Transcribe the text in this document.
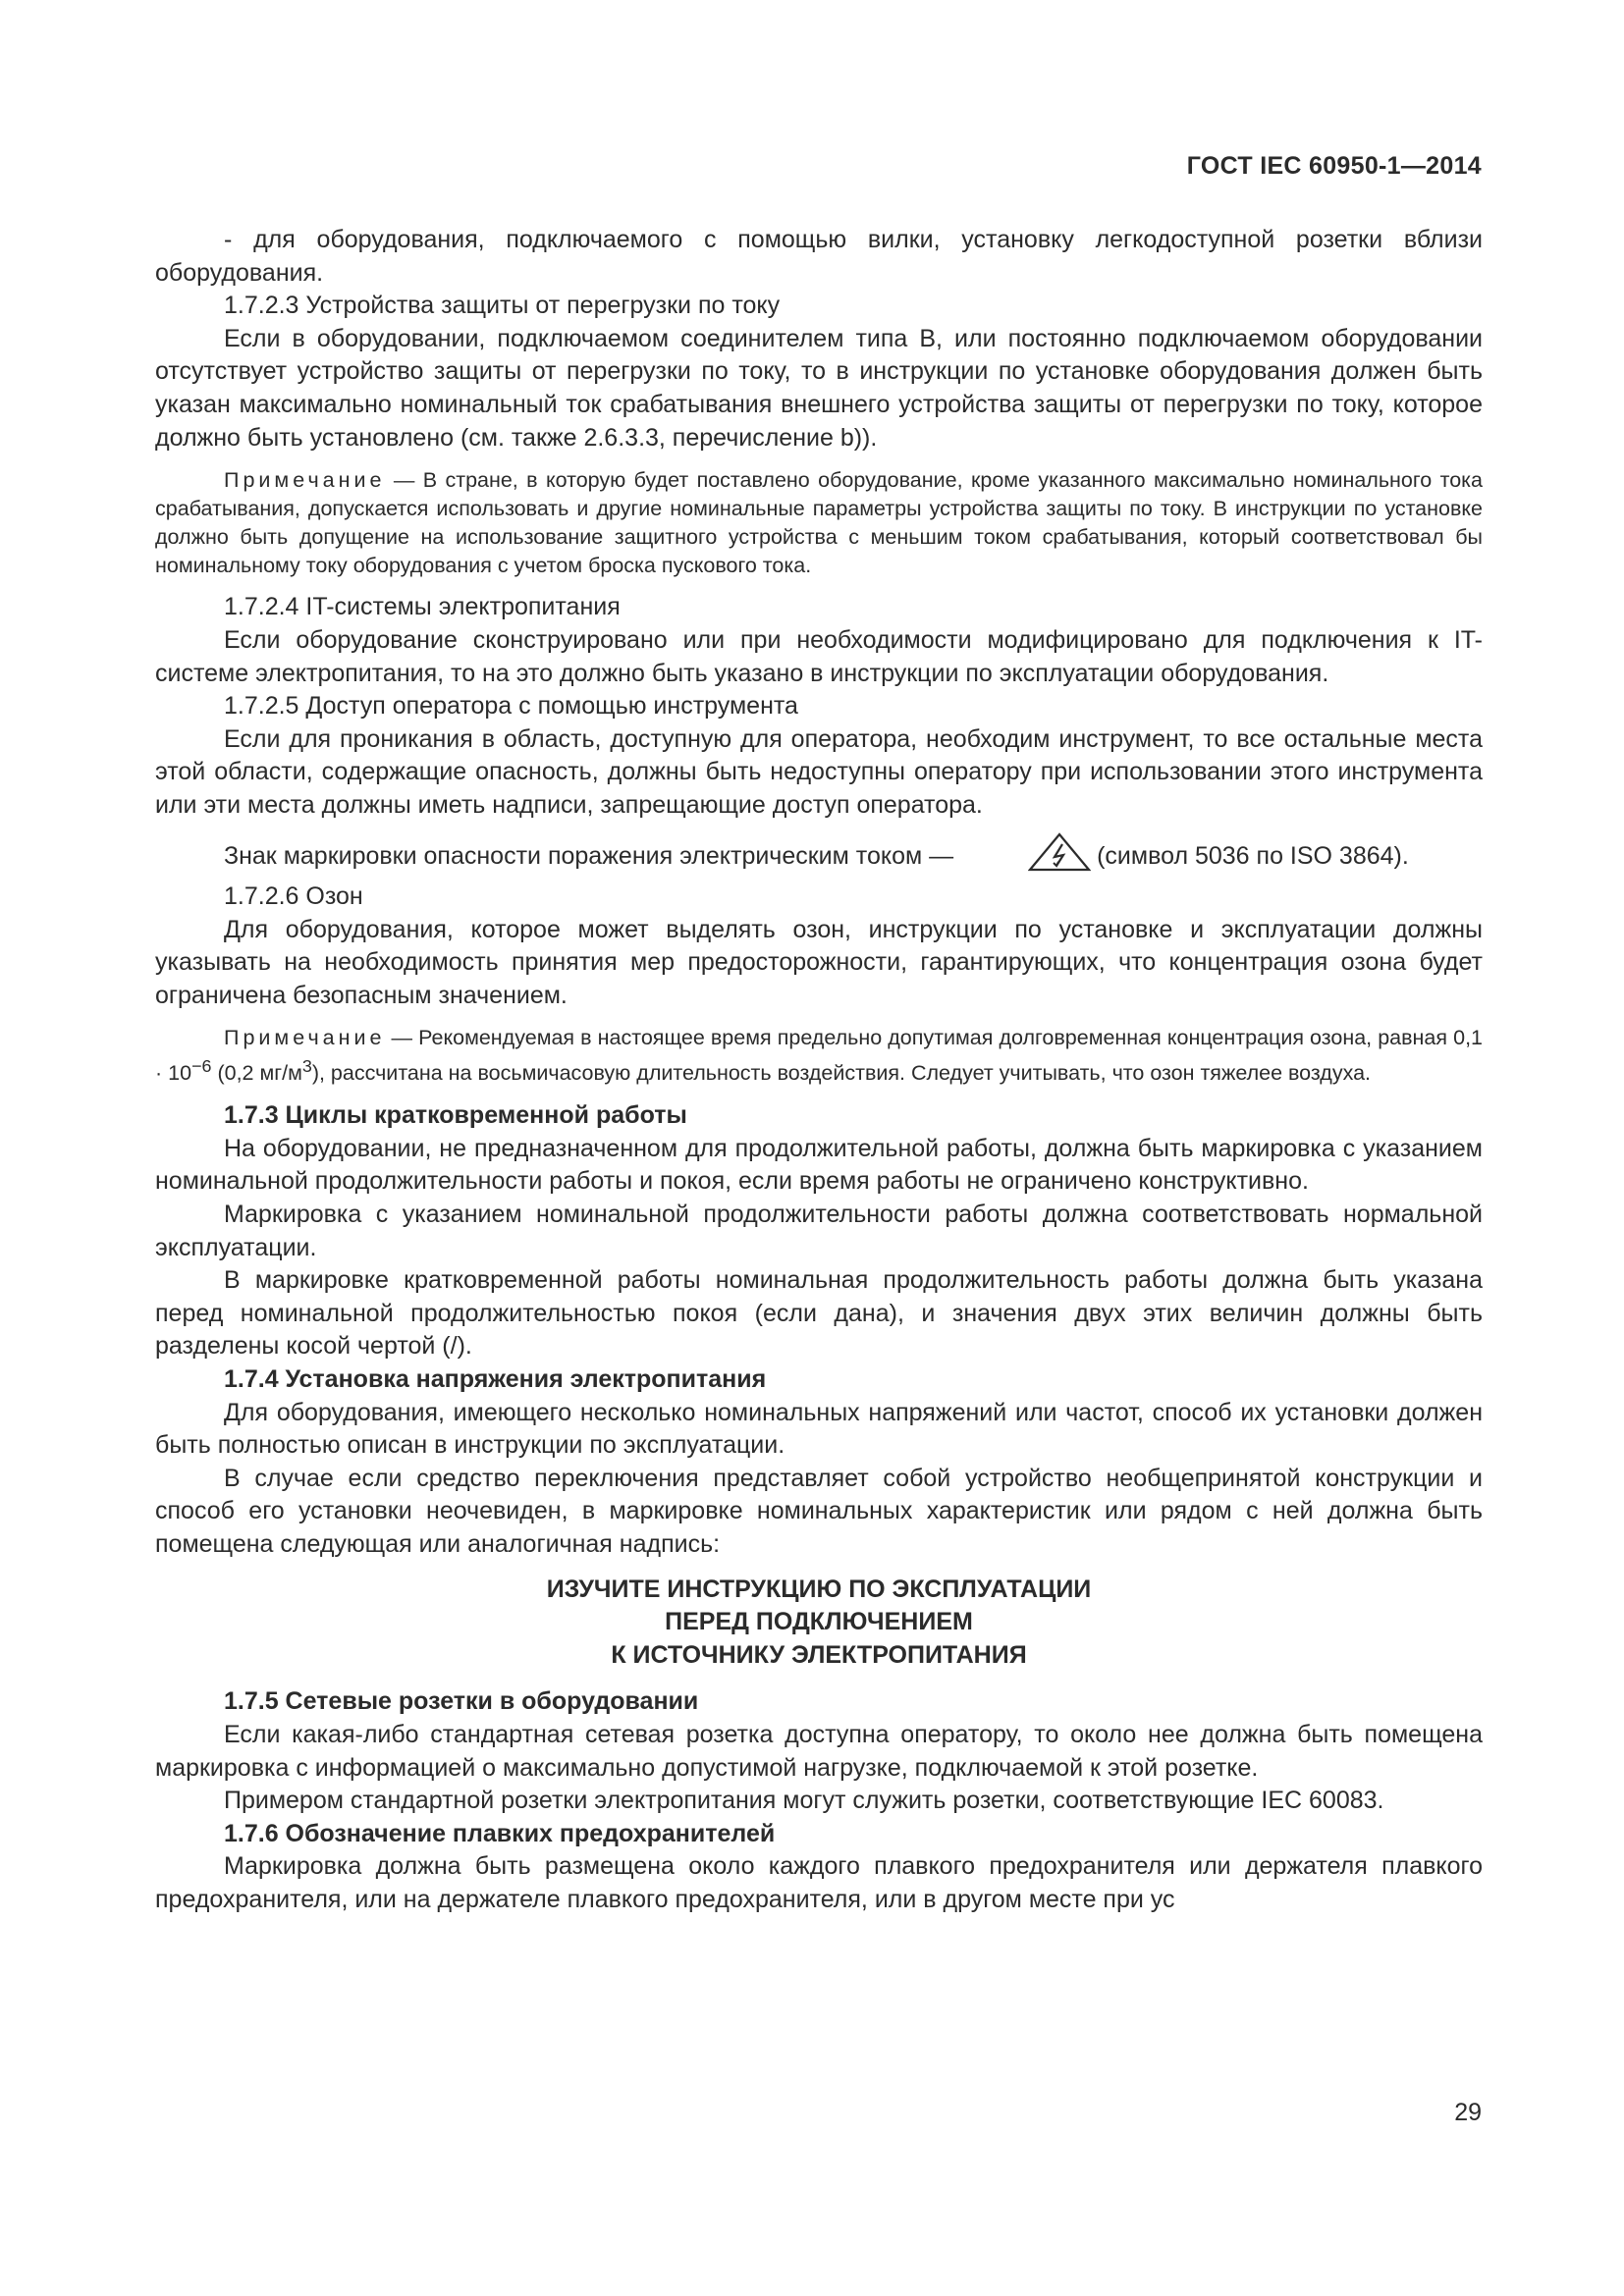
ГОСТ IEC 60950-1—2014

- для оборудования, подключаемого с помощью вилки, установку легкодоступной розетки вблизи оборудования.

1.7.2.3 Устройства защиты от перегрузки по току

Если в оборудовании, подключаемом соединителем типа В, или постоянно подключаемом оборудовании отсутствует устройство защиты от перегрузки по току, то в инструкции по установке оборудования должен быть указан максимально номинальный ток срабатывания внешнего устройства защиты от перегрузки по току, которое должно быть установлено (см. также 2.6.3.3, перечисление b)).

Примечание — В стране, в которую будет поставлено оборудование, кроме указанного максимально номинального тока срабатывания, допускается использовать и другие номинальные параметры устройства защиты по току. В инструкции по установке должно быть допущение на использование защитного устройства с меньшим током срабатывания, который соответствовал бы номинальному току оборудования с учетом броска пускового тока.

1.7.2.4 IT-системы электропитания

Если оборудование сконструировано или при необходимости модифицировано для подключения к IT-системе электропитания, то на это должно быть указано в инструкции по эксплуатации оборудования.

1.7.2.5 Доступ оператора с помощью инструмента

Если для проникания в область, доступную для оператора, необходим инструмент, то все остальные места этой области, содержащие опасность, должны быть недоступны оператору при использовании этого инструмента или эти места должны иметь надписи, запрещающие доступ оператора.

Знак маркировки опасности поражения электрическим током —	(символ 5036 по ISO 3864).

1.7.2.6 Озон

Для оборудования, которое может выделять озон, инструкции по установке и эксплуатации должны указывать на необходимость принятия мер предосторожности, гарантирующих, что концентрация озона будет ограничена безопасным значением.

Примечание — Рекомендуемая в настоящее время предельно допутимая долговременная концентрация озона, равная $0,1 \cdot 10^{-6}$ (0,2 $мг/м^3$), рассчитана на восьмичасовую длительность воздействия. Следует учитывать, что озон тяжелее воздуха.

1.7.3 Циклы кратковременной работы

На оборудовании, не предназначенном для продолжительной работы, должна быть маркировка с указанием номинальной продолжительности работы и покоя, если время работы не ограничено конструктивно.

Маркировка с указанием номинальной продолжительности работы должна соответствовать нормальной эксплуатации.

В маркировке кратковременной работы номинальная продолжительность работы должна быть указана перед номинальной продолжительностью покоя (если дана), и значения двух этих величин должны быть разделены косой чертой (/).

1.7.4 Установка напряжения электропитания

Для оборудования, имеющего несколько номинальных напряжений или частот, способ их установки должен быть полностью описан в инструкции по эксплуатации.

В случае если средство переключения представляет собой устройство необщепринятой конструкции и способ его установки неочевиден, в маркировке номинальных характеристик или рядом с ней должна быть помещена следующая или аналогичная надпись:

ИЗУЧИТЕ ИНСТРУКЦИЮ ПО ЭКСПЛУАТАЦИИ
ПЕРЕД ПОДКЛЮЧЕНИЕМ
К ИСТОЧНИКУ ЭЛЕКТРОПИТАНИЯ

1.7.5 Сетевые розетки в оборудовании

Если какая-либо стандартная сетевая розетка доступна оператору, то около нее должна быть помещена маркировка с информацией о максимально допустимой нагрузке, подключаемой к этой розетке.

Примером стандартной розетки электропитания могут служить розетки, соответствующие IEC 60083.

1.7.6 Обозначение плавких предохранителей

Маркировка должна быть размещена около каждого плавкого предохранителя или держателя плавкого предохранителя, или на держателе плавкого предохранителя, или в другом месте при ус

29
